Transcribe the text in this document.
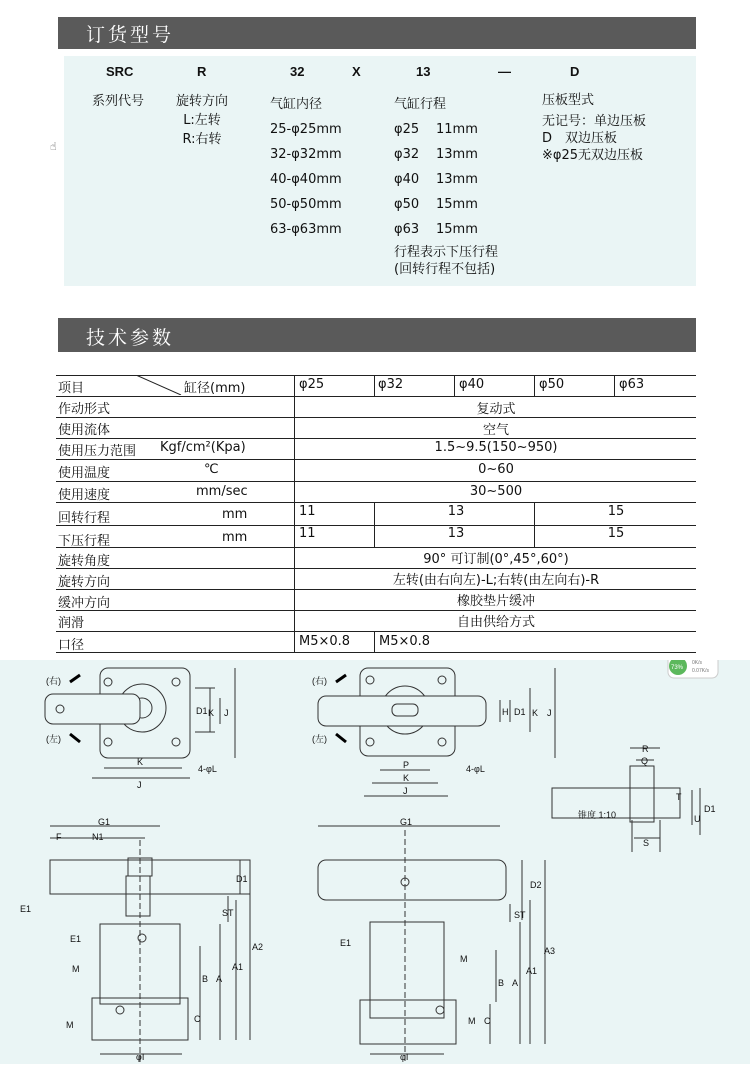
订货型号
SRC	R	32	X	13	—	D
系列代号 旋转方向
L:左转
R:右转
气缸内径
25-φ25mm
32-φ32mm
40-φ40mm
50-φ50mm
63-φ63mm
气缸行程
φ25 11mm
φ32 13mm
φ40 13mm
φ50 15mm
φ63 15mm
行程表示下压行程
(回转行程不包括)
压板型式
无记号：单边压板
D　双边压板
※φ25无双边压板
☝
技术参数
项目	缸径(mm)	φ25	φ32	φ40	φ50	φ63
作动形式	复动式
使用流体	空气
使用压力范围 Kgf/cm²(Kpa)	1.5~9.5(150~950)
使用温度	℃	0~60
使用速度	mm/sec	30~500
回转行程	mm	11	13	15
下压行程	mm	11	13	15
旋转角度	90° 可订制(0°,45°,60°)
旋转方向	左转(由右向左)-L;右转(由左向右)-R
缓冲方向	橡胶垫片缓冲
润滑	自由供给方式
口径	M5×0.8 M5×0.8
(右)
(左)
(右)
(左)
D1 K J
K
J
4-φL
H D1 K J
P
K
J
4-φL
R
Q
T
D1
U
S
锥度 1:10
G1
F	N1
D1
E1	ST
E1
A2
A1
A
B
M
C
M
φI
G1
D2
ST
E1
M
A3
A1
A
B
M C
φI
73%
0K/s
0.07K/s
